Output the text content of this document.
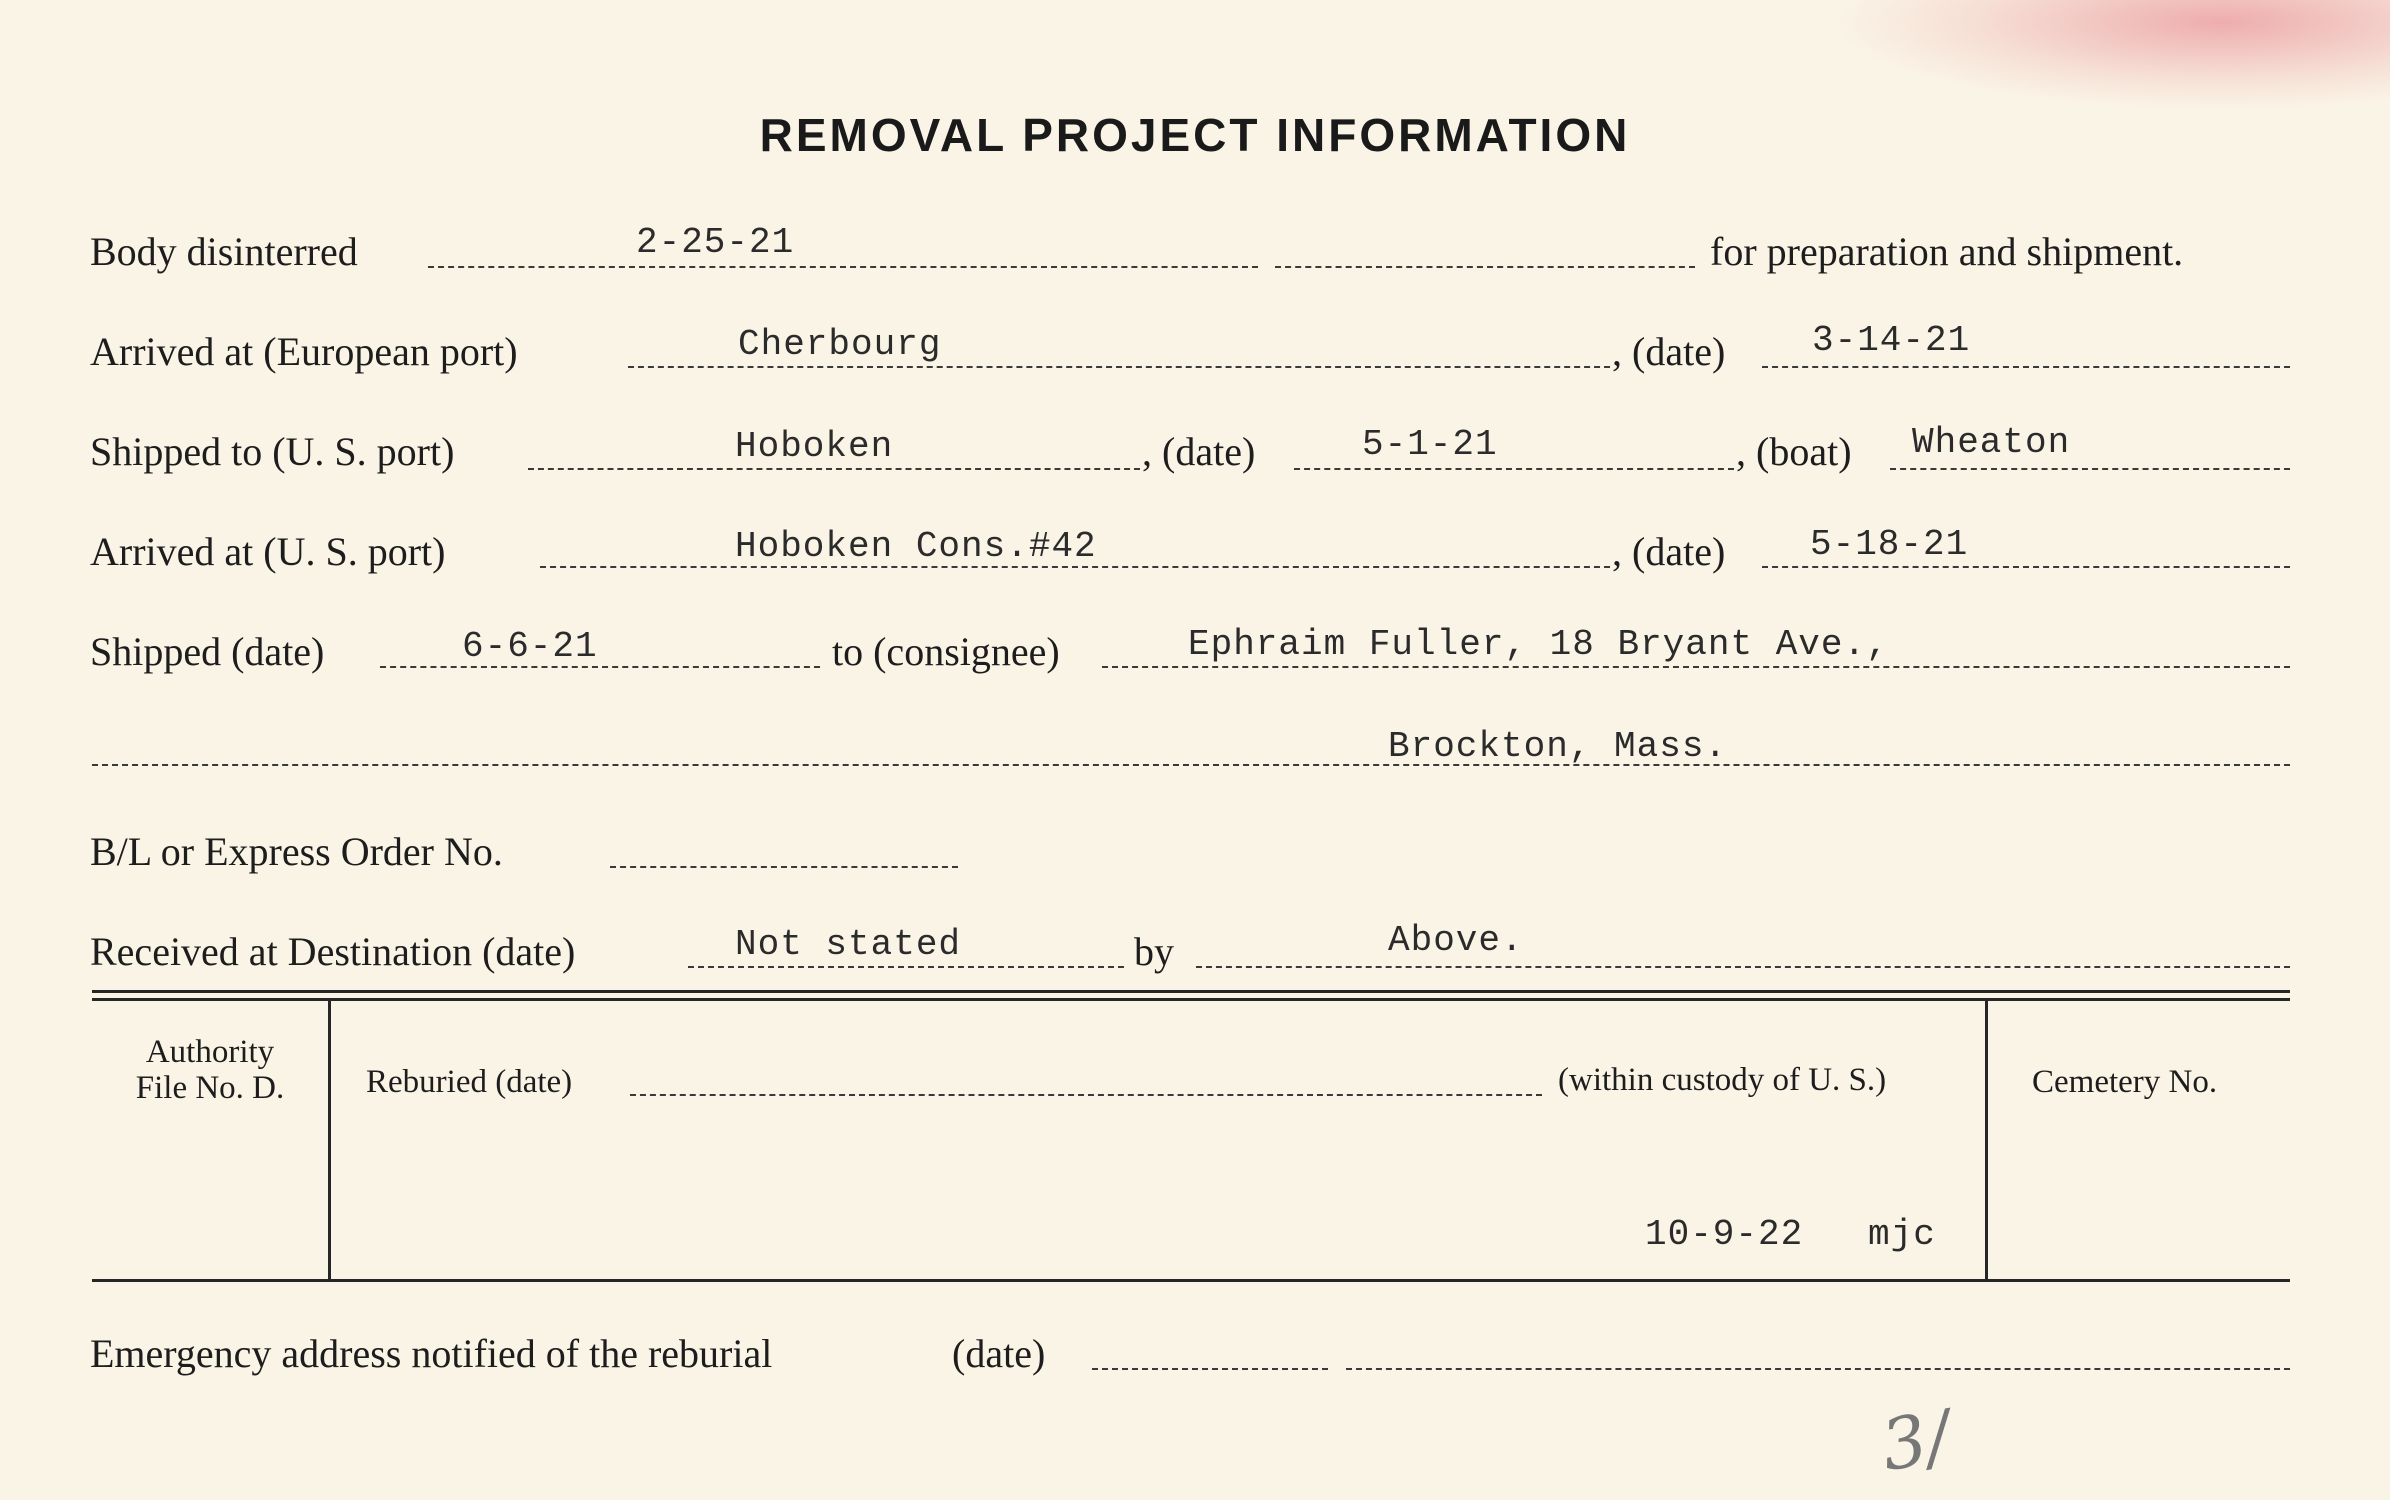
REMOVAL PROJECT INFORMATION
Body disinterred	2-25-21	for preparation and shipment.
Arrived at (European port)	Cherbourg	, (date) 3-14-21
Shipped to (U. S. port)	Hoboken	, (date)	5-1-21	, (boat) Wheaton
Arrived at (U. S. port)	Hoboken Cons.#42	, (date) 5-18-21
Shipped (date)	6-6-21	to (consignee)	Ephraim Fuller, 18 Bryant Ave.,
Brockton, Mass.
B/L or Express Order No.
Received at Destination (date)	Not stated	by	Above.
Authority
File No. D.	Reburied (date)	(within custody of U. S.)	Cemetery No.
10-9-22 mjc
Emergency address notified of the reburial	(date)
3/
